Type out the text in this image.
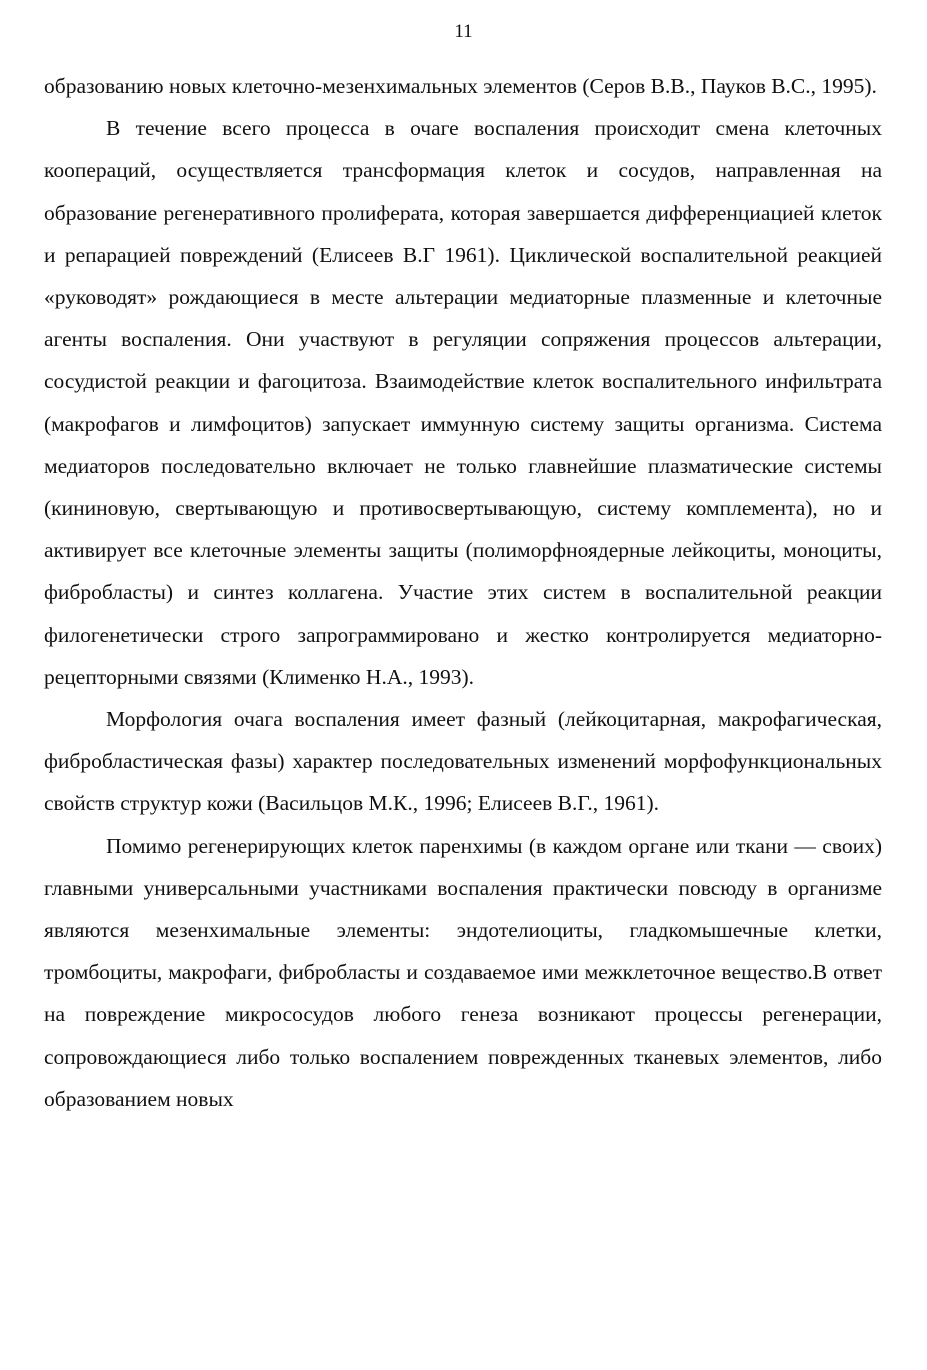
11

образованию новых клеточно-мезенхимальных элементов (Серов В.В., Пауков В.С., 1995).

В течение всего процесса в очаге воспаления происходит смена клеточных коопераций, осуществляется трансформация клеток и сосудов, направленная на образование регенеративного пролиферата, которая завершается дифференциацией клеток и репарацией повреждений (Елисеев В.Г 1961). Циклической воспалительной реакцией «руководят» рождающиеся в месте альтерации медиаторные плазменные и клеточные агенты воспаления. Они участвуют в регуляции сопряжения процессов альтерации, сосудистой реакции и фагоцитоза. Взаимодействие клеток воспалительного инфильтрата (макрофагов и лимфоцитов) запускает иммунную систему защиты организма. Система медиаторов последовательно включает не только главнейшие плазматические системы (кининовую, свертывающую и противосвертывающую, систему комплемента), но и активирует все клеточные элементы защиты (полиморфноядерные лейкоциты, моноциты, фибробласты) и синтез коллагена. Участие этих систем в воспалительной реакции филогенетически строго запрограммировано и жестко контролируется медиаторно-рецепторными связями (Клименко Н.А., 1993).

Морфология очага воспаления имеет фазный (лейкоцитарная, макрофагическая, фибробластическая фазы) характер последовательных изменений морфофункциональных свойств структур кожи (Васильцов М.К., 1996; Елисеев В.Г., 1961).

Помимо регенерирующих клеток паренхимы (в каждом органе или ткани — своих) главными универсальными участниками воспаления практически повсюду в организме являются мезенхимальные элементы: эндотелиоциты, гладкомышечные клетки, тромбоциты, макрофаги, фибробласты и создаваемое ими межклеточное вещество.В ответ на повреждение микрососудов любого генеза возникают процессы регенерации, сопровождающиеся либо только воспалением поврежденных тканевых элементов, либо образованием новых
